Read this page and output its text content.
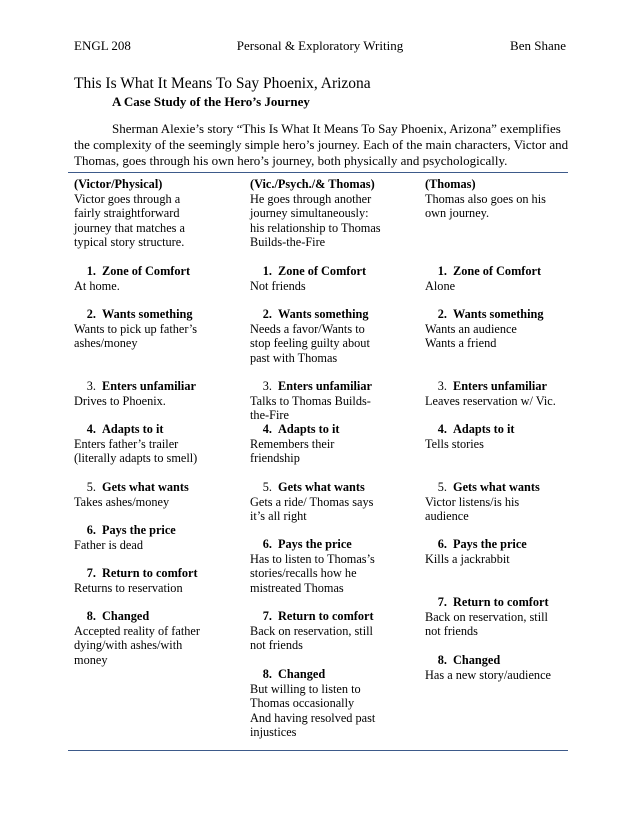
ENGL 208	Personal & Exploratory Writing	Ben Shane
This Is What It Means To Say Phoenix, Arizona
A Case Study of the Hero’s Journey
Sherman Alexie’s story “This Is What It Means To Say Phoenix, Arizona” exemplifies the complexity of the seemingly simple hero’s journey. Each of the main characters, Victor and Thomas, goes through his own hero’s journey, both physically and psychologically.
(Victor/Physical)
Victor goes through a
fairly straightforward
journey that matches a
typical story structure.
1. Zone of Comfort
At home.
2. Wants something
Wants to pick up father’s
ashes/money
3. Enters unfamiliar
Drives to Phoenix.
4. Adapts to it
Enters father’s trailer
(literally adapts to smell)
5. Gets what wants
Takes ashes/money
6. Pays the price
Father is dead
7. Return to comfort
Returns to reservation
8. Changed
Accepted reality of father
dying/with ashes/with
money
(Vic./Psych./& Thomas)
He goes through another
journey simultaneously:
his relationship to Thomas
Builds-the-Fire
1. Zone of Comfort
Not friends
2. Wants something
Needs a favor/Wants to
stop feeling guilty about
past with Thomas
3. Enters unfamiliar
Talks to Thomas Builds-
the-Fire
4. Adapts to it
Remembers their
friendship
5. Gets what wants
Gets a ride/ Thomas says
it’s all right
6. Pays the price
Has to listen to Thomas’s
stories/recalls how he
mistreated Thomas
7. Return to comfort
Back on reservation, still
not friends
8. Changed
But willing to listen to
Thomas occasionally
And having resolved past
injustices
(Thomas)
Thomas also goes on his
own journey.
1. Zone of Comfort
Alone
2. Wants something
Wants an audience
Wants a friend
3. Enters unfamiliar
Leaves reservation w/ Vic.
4. Adapts to it
Tells stories
5. Gets what wants
Victor listens/is his
audience
6. Pays the price
Kills a jackrabbit
7. Return to comfort
Back on reservation, still
not friends
8. Changed
Has a new story/audience
